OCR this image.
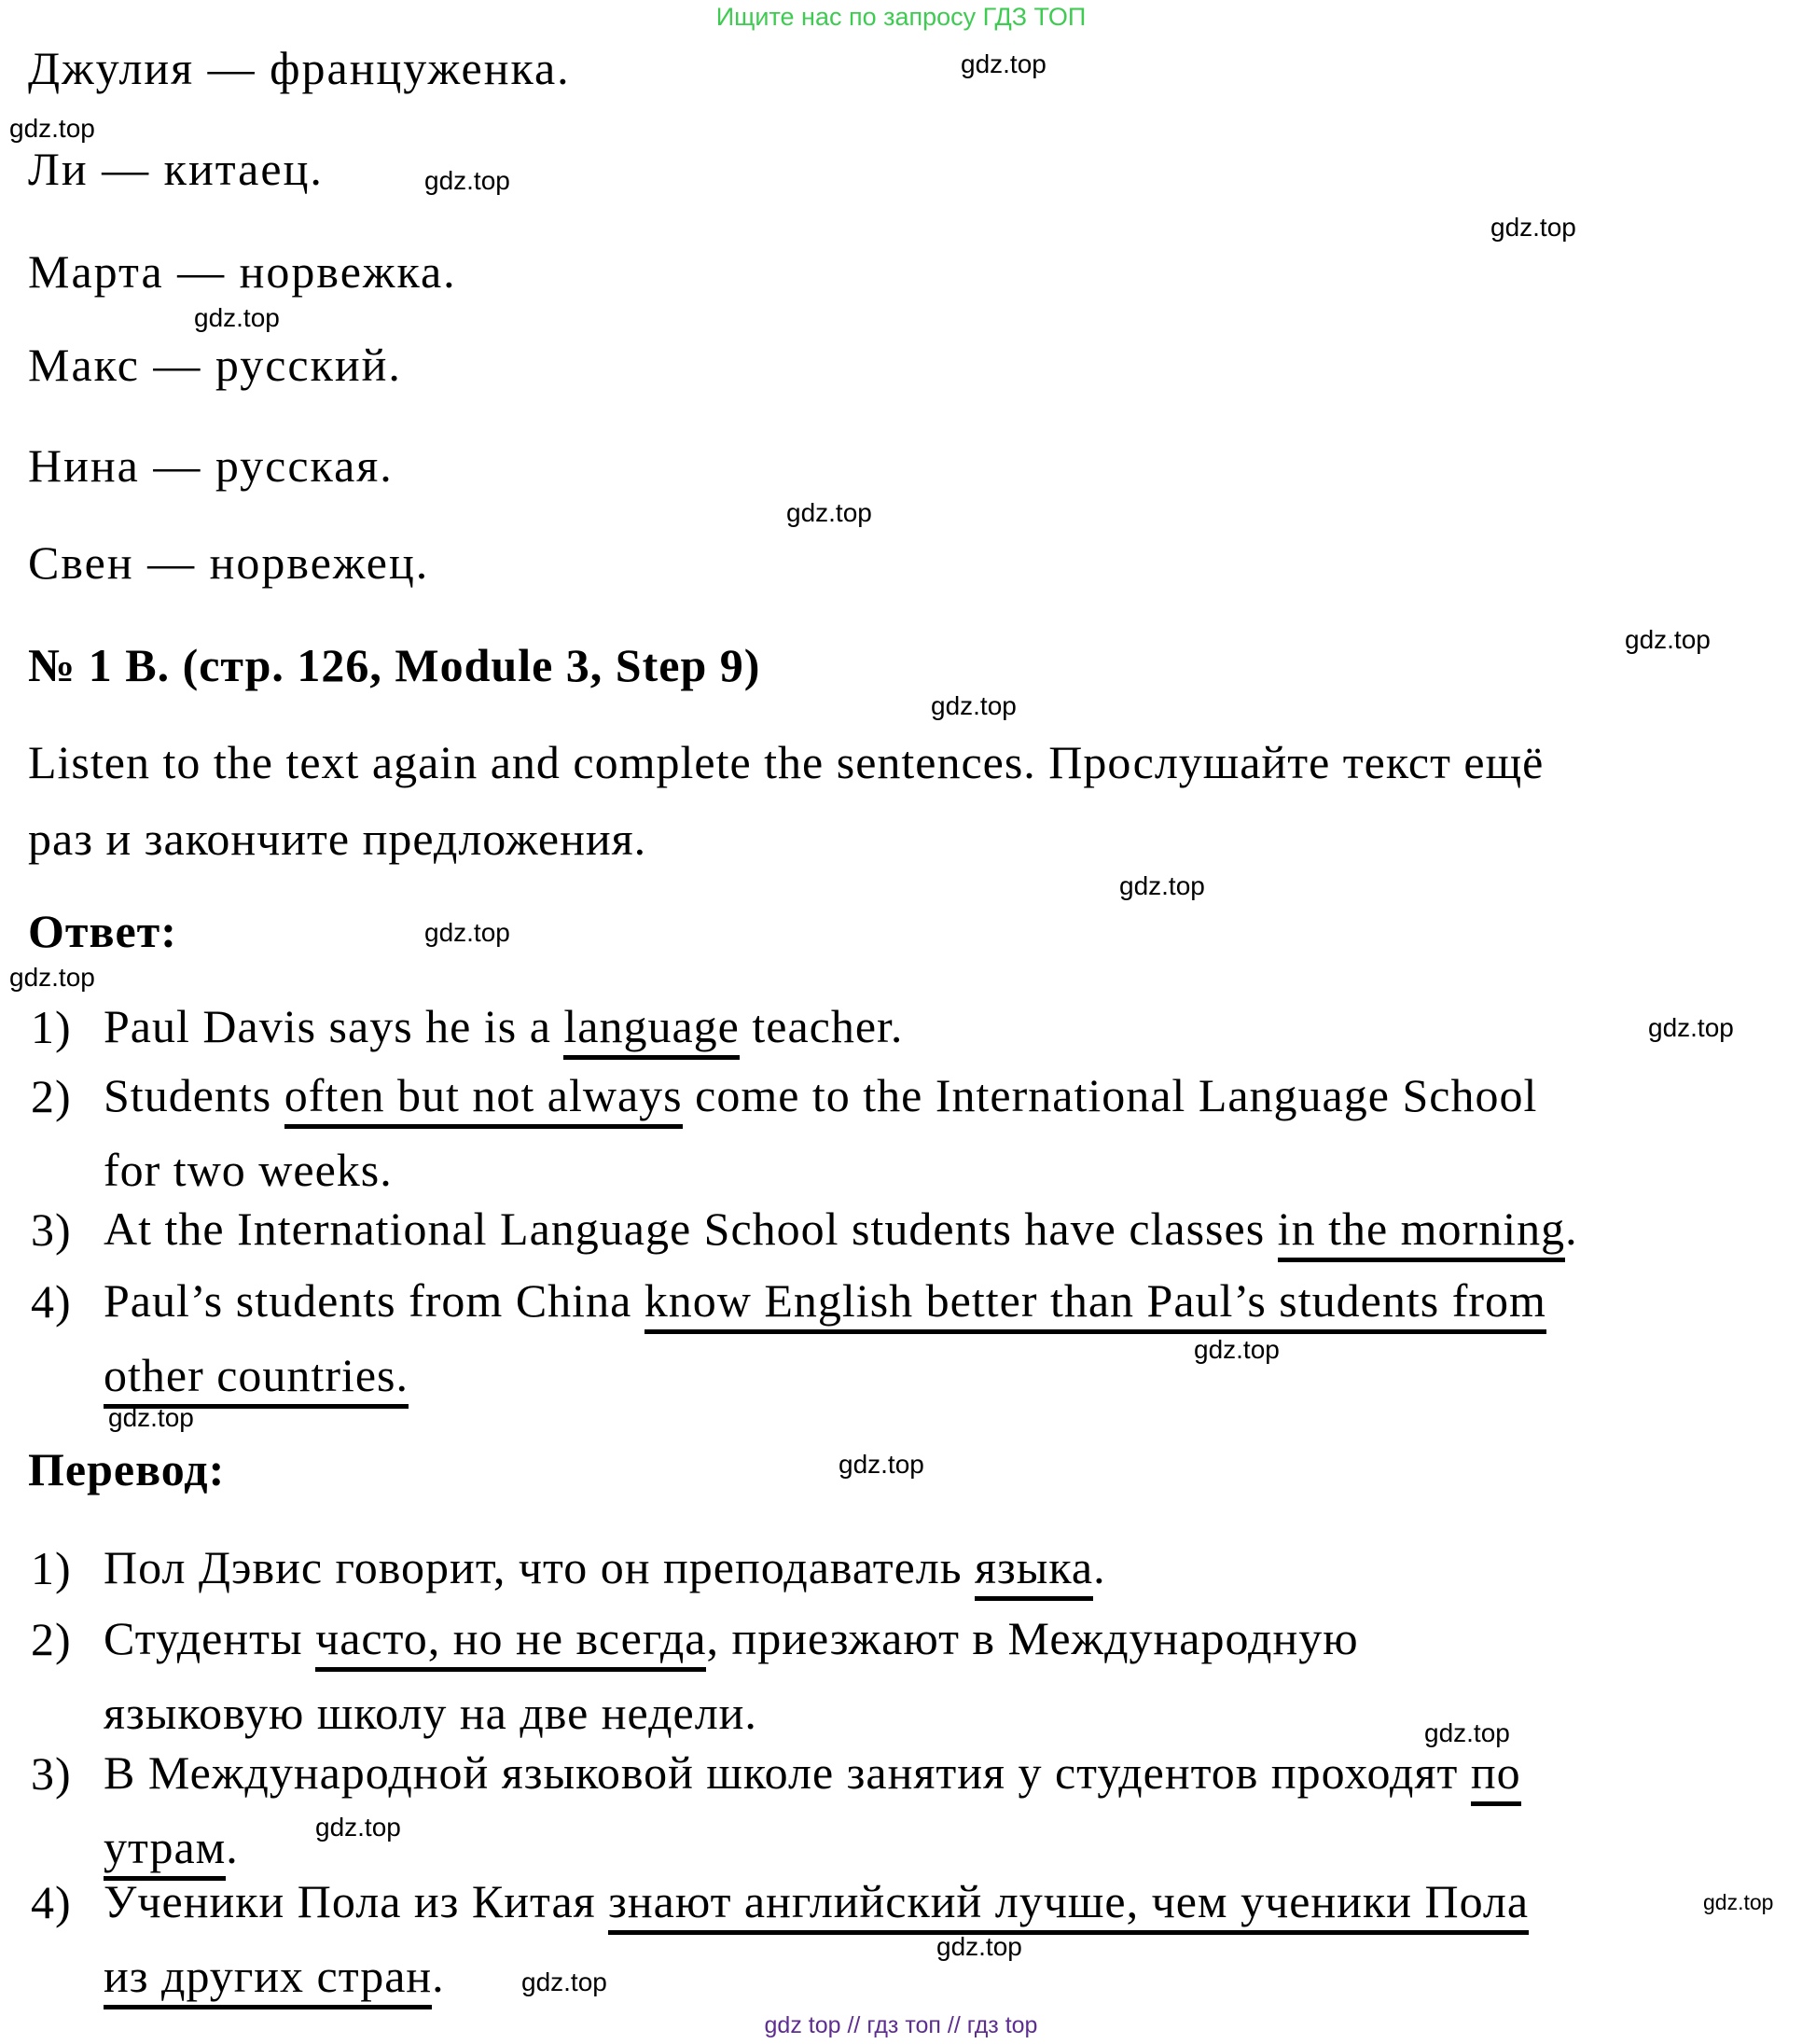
Ищите нас по запросу ГДЗ ТОП
Джулия — француженка.
Ли — китаец.
Марта — норвежка.
Макс — русский.
Нина — русская.
Свен — норвежец.
№ 1 B. (стр. 126, Module 3, Step 9)
Listen to the text again and complete the sentences. Прослушайте текст ещё
раз и закончите предложения.
Ответ:
1) Paul Davis says he is a language teacher.
2) Students often but not always come to the International Language School
for two weeks.
3) At the International Language School students have classes in the morning.
4) Paul’s students from China know English better than Paul’s students from
other countries.
Перевод:
1) Пол Дэвис говорит, что он преподаватель языка.
2) Студенты часто, но не всегда, приезжают в Международную
языковую школу на две недели.
3) В Международной языковой школе занятия у студентов проходят по
утрам.
4) Ученики Пола из Китая знают английский лучше, чем ученики Пола
из других стран.
gdz.top
gdz.top
gdz.top
gdz.top
gdz.top
gdz.top
gdz.top
gdz.top
gdz.top
gdz.top
gdz.top
gdz.top
gdz.top
gdz.top
gdz.top
gdz.top
gdz.top
gdz.top
gdz.top
gdz.top
gdz top // гдз топ // гдз top
